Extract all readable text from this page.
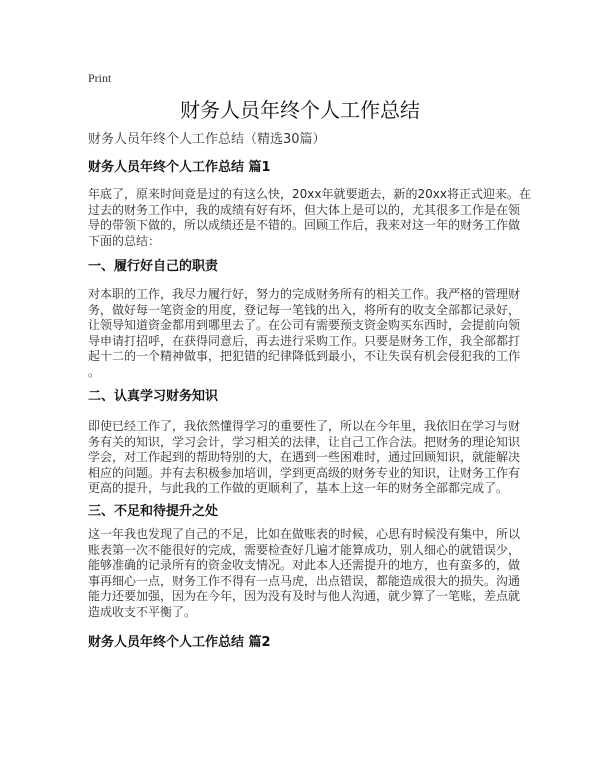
Print
财务人员年终个人工作总结
财务人员年终个人工作总结（精选30篇）
财务人员年终个人工作总结 篇1
年底了，原来时间竟是过的有这么快，20xx年就要逝去，新的20xx将正式迎来。在
过去的财务工作中，我的成绩有好有坏，但大体上是可以的，尤其很多工作是在领
导的带领下做的，所以成绩还是不错的。回顾工作后，我来对这一年的财务工作做
下面的总结：
一、履行好自己的职责
对本职的工作，我尽力履行好，努力的完成财务所有的相关工作。我严格的管理财
务，做好每一笔资金的用度，登记每一笔钱的出入，将所有的收支全部都记录好，
让领导知道资金都用到哪里去了。在公司有需要预支资金购买东西时，会提前向领
导申请打招呼，在获得同意后，再去进行采购工作。只要是财务工作，我全部都打
起十二的一个精神做事，把犯错的纪律降低到最小，不让失误有机会侵犯我的工作
。
二、认真学习财务知识
即使已经工作了，我依然懂得学习的重要性了，所以在今年里，我依旧在学习与财
务有关的知识，学习会计，学习相关的法律，让自己工作合法。把财务的理论知识
学会，对工作起到的帮助特别的大，在遇到一些困难时，通过回顾知识，就能解决
相应的问题。并有去积极参加培训，学到更高级的财务专业的知识，让财务工作有
更高的提升，与此我的工作做的更顺利了，基本上这一年的财务全部都完成了。
三、不足和待提升之处
这一年我也发现了自己的不足，比如在做账表的时候，心思有时候没有集中，所以
账表第一次不能很好的完成，需要检查好几遍才能算成功，别人细心的就错误少，
能够准确的记录所有的资金收支情况。对此本人还需提升的地方，也有蛮多的，做
事再细心一点，财务工作不得有一点马虎，出点错误，都能造成很大的损失。沟通
能力还要加强，因为在今年，因为没有及时与他人沟通，就少算了一笔账，差点就
造成收支不平衡了。
财务人员年终个人工作总结 篇2
